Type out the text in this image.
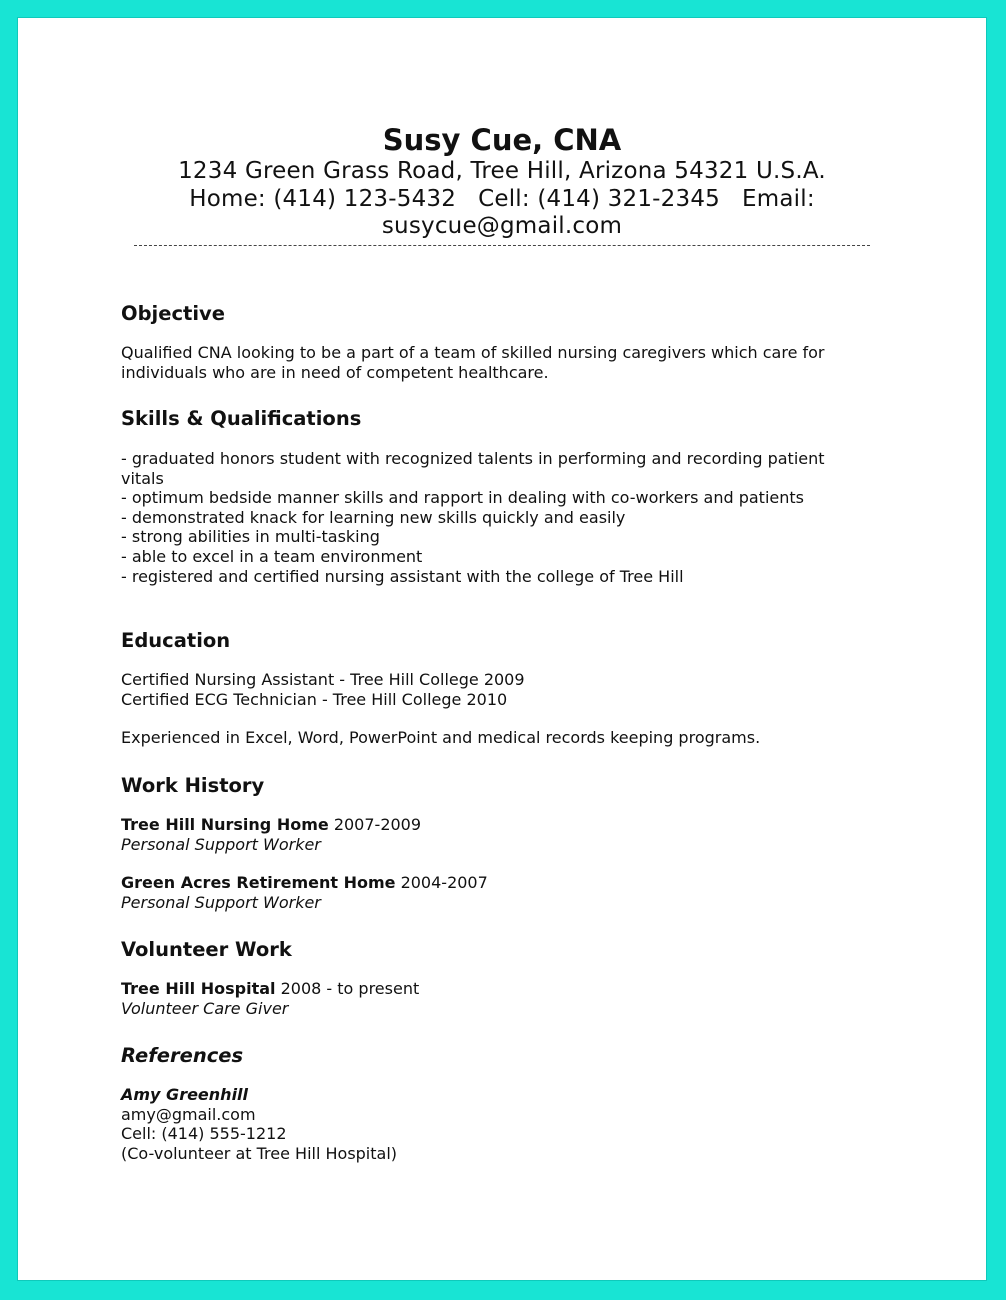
Susy Cue, CNA
1234 Green Grass Road, Tree Hill, Arizona 54321 U.S.A.
Home: (414) 123-5432 Cell: (414) 321-2345 Email:
susycue@gmail.com
Objective

Qualified CNA looking to be a part of a team of skilled nursing caregivers which care for

individuals who are in need of competent healthcare.

Skills & Qualifications
- graduated honors student with recognized talents in performing and recording patient
vitals
- optimum bedside manner skills and rapport in dealing with co-workers and patients
- demonstrated knack for learning new skills quickly and easily
- strong abilities in multi-tasking
- able to excel in a team environment
- registered and certified nursing assistant with the college of Tree Hill
Education

Certified Nursing Assistant - Tree Hill College 2009

Certified ECG Technician - Tree Hill College 2010

Experienced in Excel, Word, PowerPoint and medical records keeping programs.

Work History
Tree Hill Nursing Home 2007-2009
Personal Support Worker
Green Acres Retirement Home 2004-2007
Personal Support Worker
Volunteer Work
Tree Hill Hospital 2008 - to present
Volunteer Care Giver
References
Amy Greenhill
amy@gmail.com
Cell: (414) 555-1212
(Co-volunteer at Tree Hill Hospital)
